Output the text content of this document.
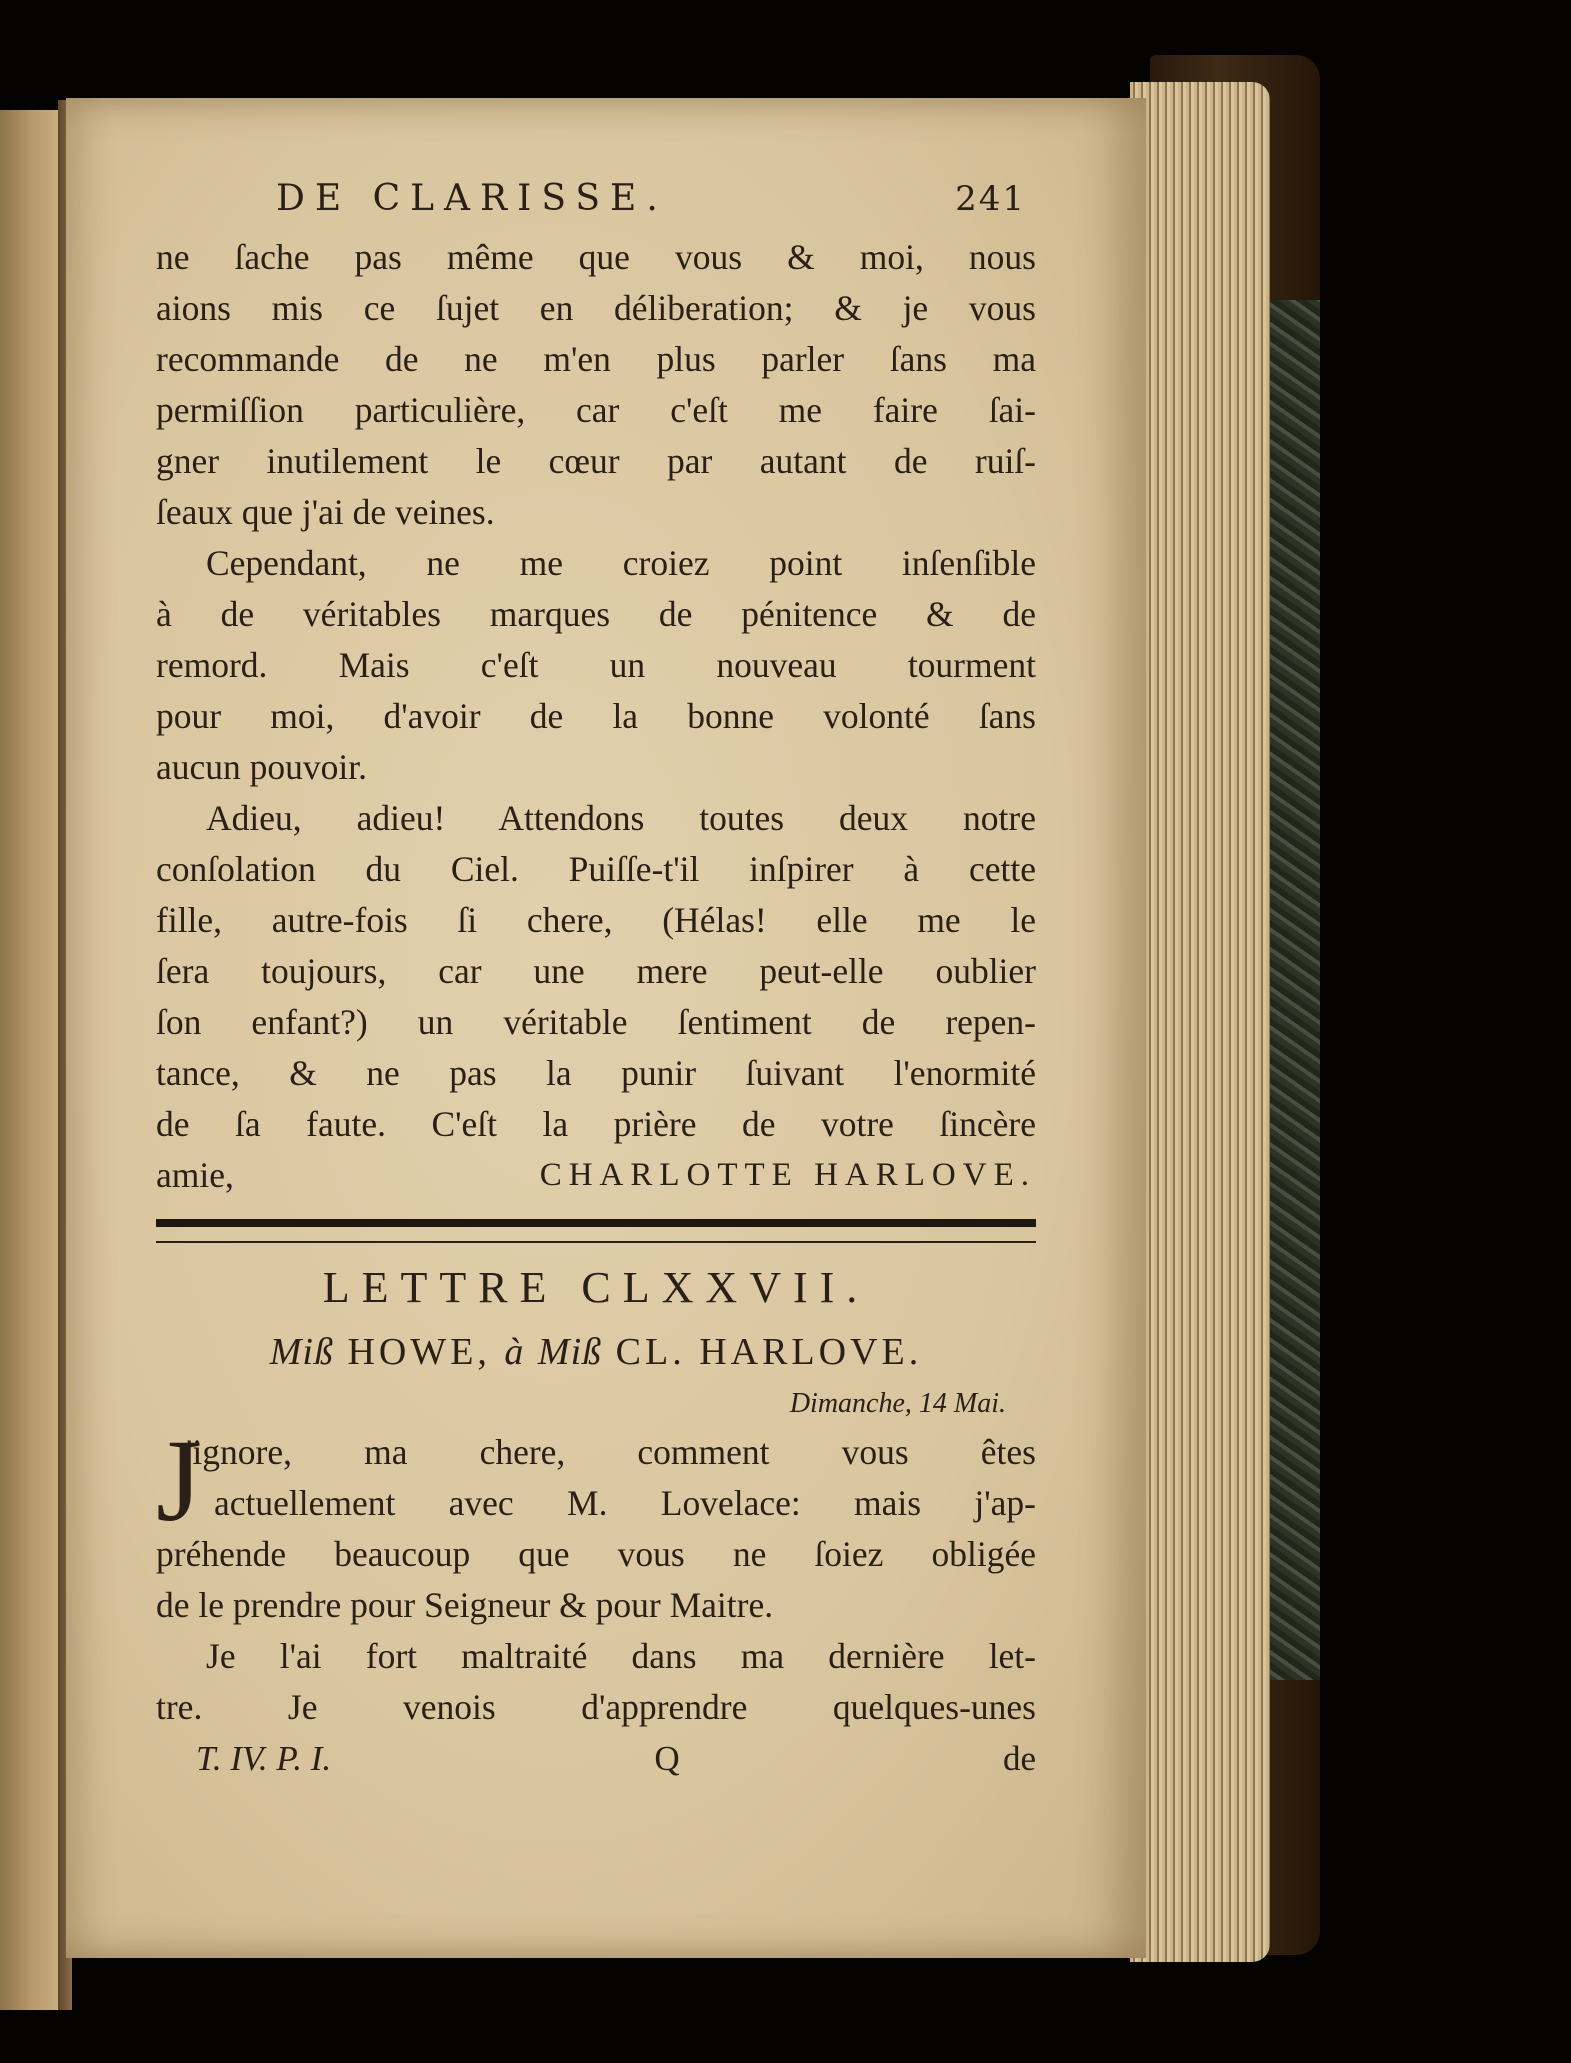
DE CLARISSE.	241
ne ſache pas même que vous & moi, nous
aions mis ce ſujet en déliberation; & je vous
recommande de ne m'en plus parler ſans ma
permiſſion particulière, car c'eſt me faire ſai-
gner inutilement le cœur par autant de ruiſ-
ſeaux que j'ai de veines.
Cependant, ne me croiez point inſenſible
à de véritables marques de pénitence & de
remord. Mais c'eſt un nouveau tourment
pour moi, d'avoir de la bonne volonté ſans
aucun pouvoir.
Adieu, adieu! Attendons toutes deux notre
conſolation du Ciel. Puiſſe-t'il inſpirer à cette
fille, autre-fois ſi chere, (Hélas! elle me le
ſera toujours, car une mere peut-elle oublier
ſon enfant?) un véritable ſentiment de repen-
tance, & ne pas la punir ſuivant l'enormité
de ſa faute. C'eſt la prière de votre ſincère
amie,	CHARLOTTE HARLOVE.
LETTRE CLXXVII.
Miß HOWE, à Miß CL. HARLOVE.
Dimanche, 14 Mai.
J
'ignore, ma chere, comment vous êtes
actuellement avec M. Lovelace: mais j'ap-
préhende beaucoup que vous ne ſoiez obligée
de le prendre pour Seigneur & pour Maitre.
Je l'ai fort maltraité dans ma dernière let-
tre. Je venois d'apprendre quelques-unes
T. IV. P. I.	Q	de
